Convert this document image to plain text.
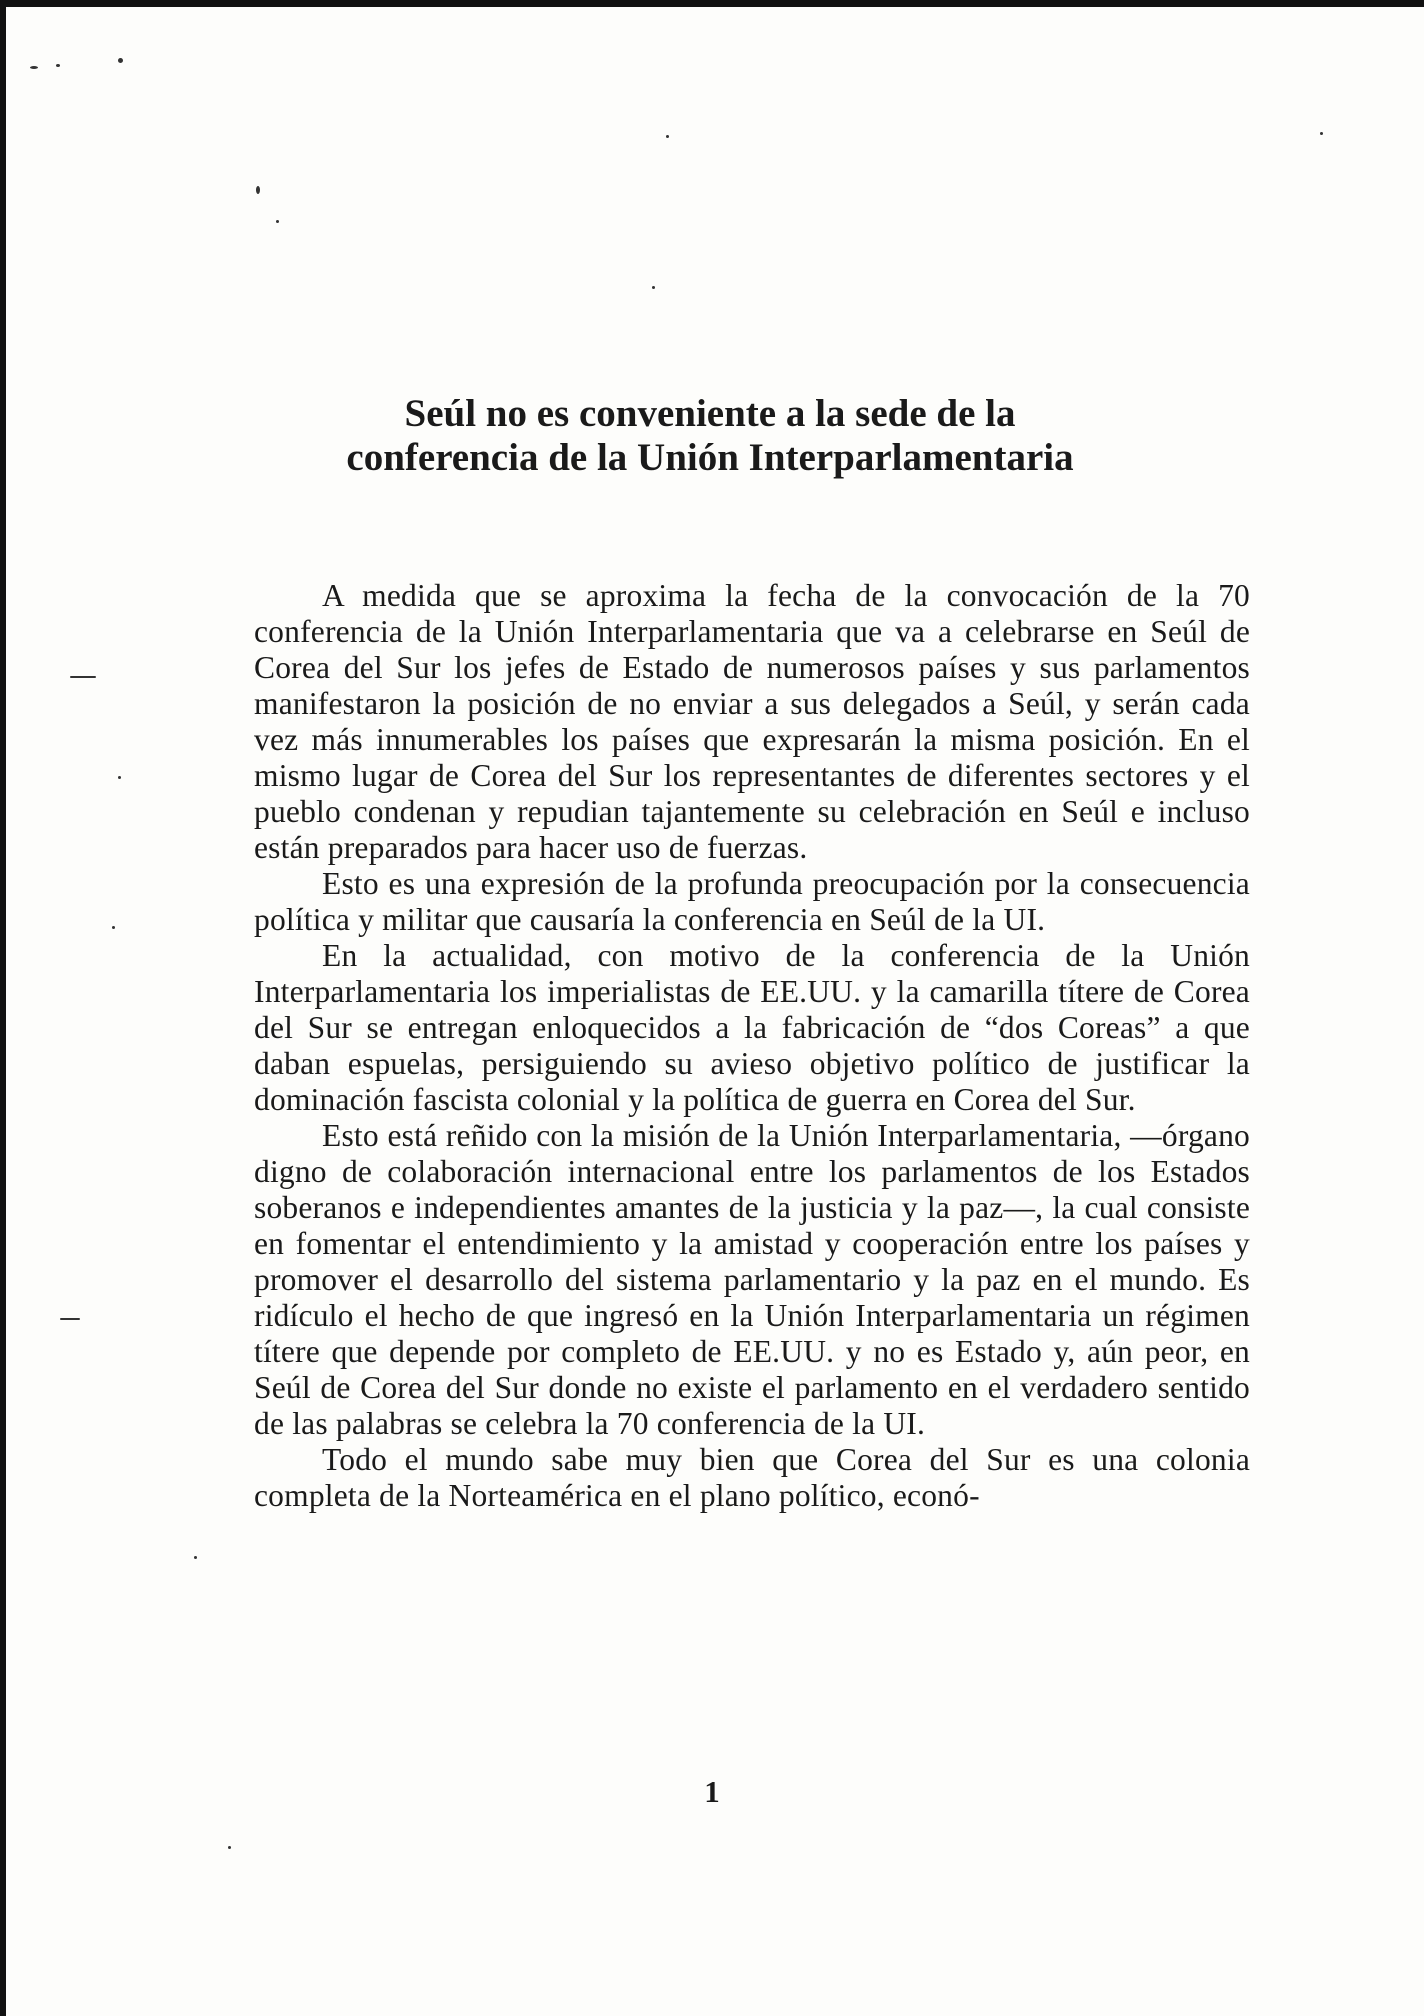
Seúl no es conveniente a la sede de la
conferencia de la Unión Interparlamentaria

A medida que se aproxima la fecha de la convocación de la 70 conferencia de la Unión Interparlamentaria que va a celebrarse en Seúl de Corea del Sur los jefes de Estado de numerosos países y sus parlamentos manifestaron la posición de no enviar a sus delegados a Seúl, y serán cada vez más innumerables los países que expresarán la misma posición. En el mismo lugar de Corea del Sur los representantes de diferentes sectores y el pueblo condenan y repudian tajantemente su celebración en Seúl e incluso están preparados para hacer uso de fuerzas.

Esto es una expresión de la profunda preocupación por la consecuencia política y militar que causaría la conferencia en Seúl de la UI.

En la actualidad, con motivo de la conferencia de la Unión Interparlamentaria los imperialistas de EE.UU. y la camarilla títere de Corea del Sur se entregan enloquecidos a la fabricación de “dos Coreas” a que daban espuelas, persiguiendo su avieso objetivo político de justificar la dominación fascista colonial y la política de guerra en Corea del Sur.

Esto está reñido con la misión de la Unión Interparlamentaria, —órgano digno de colaboración internacional entre los parlamentos de los Estados soberanos e independientes amantes de la justicia y la paz—, la cual consiste en fomentar el entendimiento y la amistad y cooperación entre los países y promover el desarrollo del sistema parlamentario y la paz en el mundo. Es ridículo el hecho de que ingresó en la Unión Interparlamentaria un régimen títere que depende por completo de EE.UU. y no es Estado y, aún peor, en Seúl de Corea del Sur donde no existe el parlamento en el verdadero sentido de las palabras se celebra la 70 conferencia de la UI.

Todo el mundo sabe muy bien que Corea del Sur es una colonia completa de la Norteamérica en el plano político, econó-

1
